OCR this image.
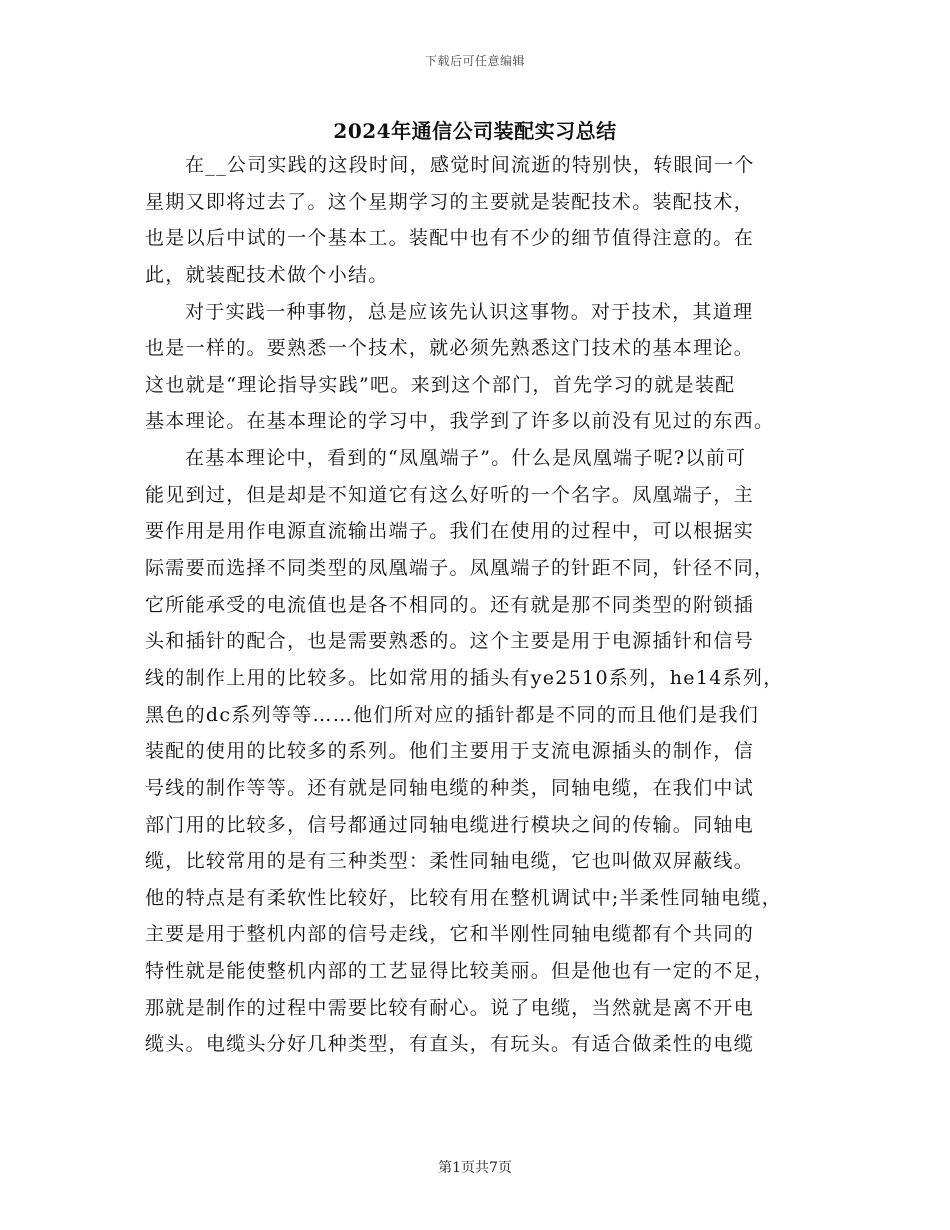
下载后可任意编辑
2024年通信公司装配实习总结
在__公司实践的这段时间，感觉时间流逝的特别快，转眼间一个
星期又即将过去了。这个星期学习的主要就是装配技术。装配技术，
也是以后中试的一个基本工。装配中也有不少的细节值得注意的。在
此，就装配技术做个小结。
对于实践一种事物，总是应该先认识这事物。对于技术，其道理
也是一样的。要熟悉一个技术，就必须先熟悉这门技术的基本理论。
这也就是“理论指导实践”吧。来到这个部门，首先学习的就是装配
基本理论。在基本理论的学习中，我学到了许多以前没有见过的东西。
在基本理论中，看到的“凤凰端子”。什么是凤凰端子呢?以前可
能见到过，但是却是不知道它有这么好听的一个名字。凤凰端子，主
要作用是用作电源直流输出端子。我们在使用的过程中，可以根据实
际需要而选择不同类型的凤凰端子。凤凰端子的针距不同，针径不同，
它所能承受的电流值也是各不相同的。还有就是那不同类型的附锁插
头和插针的配合，也是需要熟悉的。这个主要是用于电源插针和信号
线的制作上用的比较多。比如常用的插头有ye2510系列，he14系列，
黑色的dc系列等等……他们所对应的插针都是不同的而且他们是我们
装配的使用的比较多的系列。他们主要用于支流电源插头的制作，信
号线的制作等等。还有就是同轴电缆的种类，同轴电缆，在我们中试
部门用的比较多，信号都通过同轴电缆进行模块之间的传输。同轴电
缆，比较常用的是有三种类型：柔性同轴电缆，它也叫做双屏蔽线。
他的特点是有柔软性比较好，比较有用在整机调试中;半柔性同轴电缆，
主要是用于整机内部的信号走线，它和半刚性同轴电缆都有个共同的
特性就是能使整机内部的工艺显得比较美丽。但是他也有一定的不足，
那就是制作的过程中需要比较有耐心。说了电缆，当然就是离不开电
缆头。电缆头分好几种类型，有直头，有玩头。有适合做柔性的电缆
第1页共7页
